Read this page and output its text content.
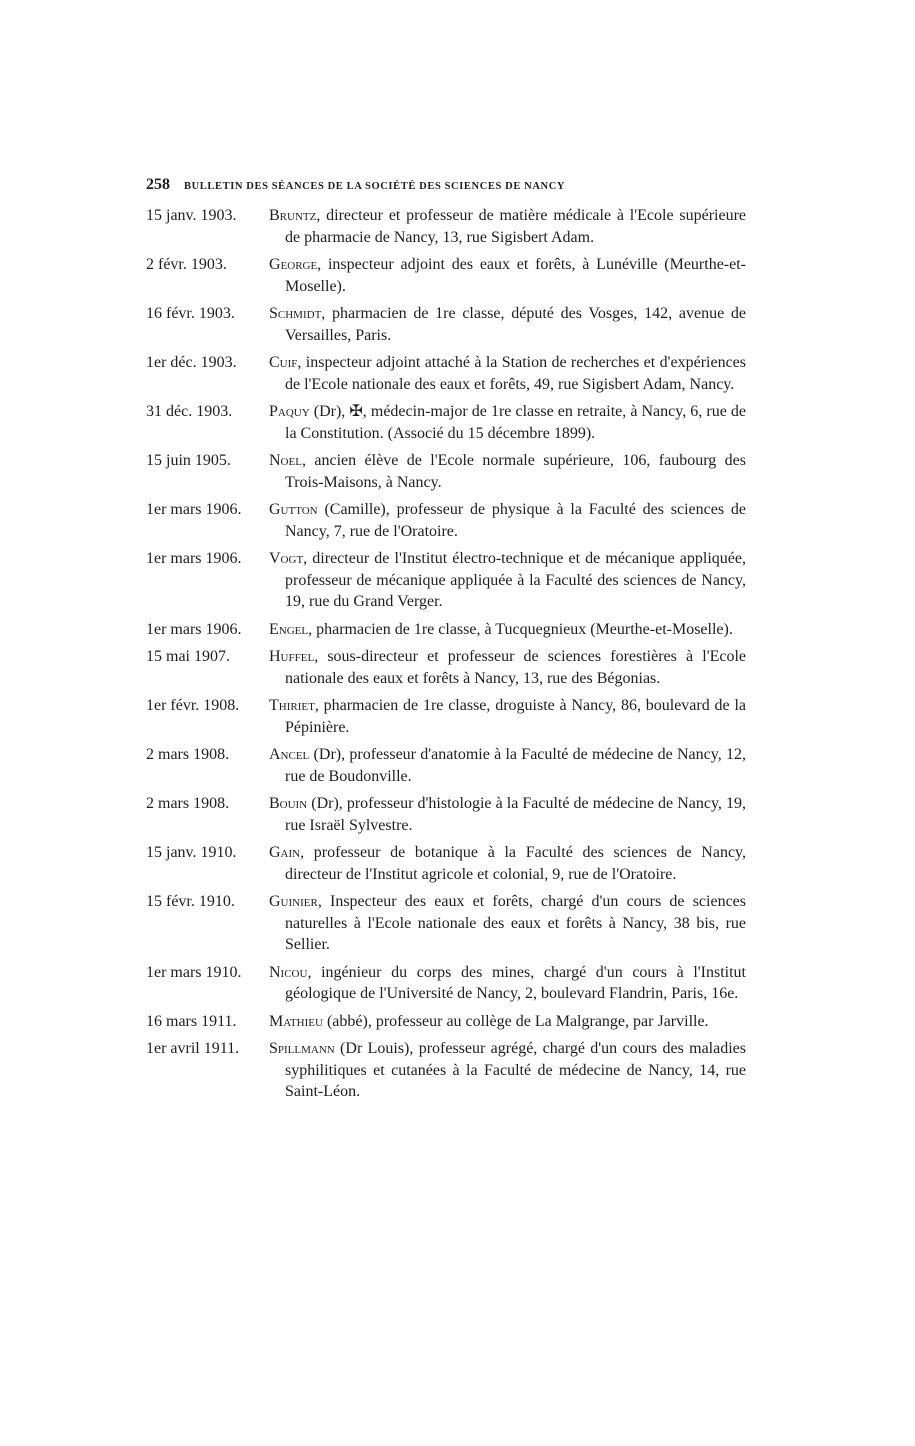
258 BULLETIN DES SÉANCES DE LA SOCIÉTÉ DES SCIENCES DE NANCY
15 janv. 1903.	Bruntz, directeur et professeur de matière médicale à l'Ecole supérieure de pharmacie de Nancy, 13, rue Sigisbert Adam.
2 févr. 1903.	George, inspecteur adjoint des eaux et forêts, à Lunéville (Meurthe-et-Moselle).
16 févr. 1903.	Schmidt, pharmacien de 1re classe, député des Vosges, 142, avenue de Versailles, Paris.
1er déc. 1903.	Cuif, inspecteur adjoint attaché à la Station de recherches et d'expériences de l'Ecole nationale des eaux et forêts, 49, rue Sigisbert Adam, Nancy.
31 déc. 1903.	Paquy (Dr), ✠, médecin-major de 1re classe en retraite, à Nancy, 6, rue de la Constitution. (Associé du 15 décembre 1899).
15 juin 1905.	Noel, ancien élève de l'Ecole normale supérieure, 106, faubourg des Trois-Maisons, à Nancy.
1er mars 1906.	Gutton (Camille), professeur de physique à la Faculté des sciences de Nancy, 7, rue de l'Oratoire.
1er mars 1906.	Vogt, directeur de l'Institut électro-technique et de mécanique appliquée, professeur de mécanique appliquée à la Faculté des sciences de Nancy, 19, rue du Grand Verger.
1er mars 1906.	Engel, pharmacien de 1re classe, à Tucquegnieux (Meurthe-et-Moselle).
15 mai 1907.	Huffel, sous-directeur et professeur de sciences forestières à l'Ecole nationale des eaux et forêts à Nancy, 13, rue des Bégonias.
1er févr. 1908.	Thiriet, pharmacien de 1re classe, droguiste à Nancy, 86, boulevard de la Pépinière.
2 mars 1908.	Ancel (Dr), professeur d'anatomie à la Faculté de médecine de Nancy, 12, rue de Boudonville.
2 mars 1908.	Bouin (Dr), professeur d'histologie à la Faculté de médecine de Nancy, 19, rue Israël Sylvestre.
15 janv. 1910.	Gain, professeur de botanique à la Faculté des sciences de Nancy, directeur de l'Institut agricole et colonial, 9, rue de l'Oratoire.
15 févr. 1910.	Guinier, Inspecteur des eaux et forêts, chargé d'un cours de sciences naturelles à l'Ecole nationale des eaux et forêts à Nancy, 38 bis, rue Sellier.
1er mars 1910.	Nicou, ingénieur du corps des mines, chargé d'un cours à l'Institut géologique de l'Université de Nancy, 2, boulevard Flandrin, Paris, 16e.
16 mars 1911.	Mathieu (abbé), professeur au collège de La Malgrange, par Jarville.
1er avril 1911.	Spillmann (Dr Louis), professeur agrégé, chargé d'un cours des maladies syphilitiques et cutanées à la Faculté de médecine de Nancy, 14, rue Saint-Léon.
